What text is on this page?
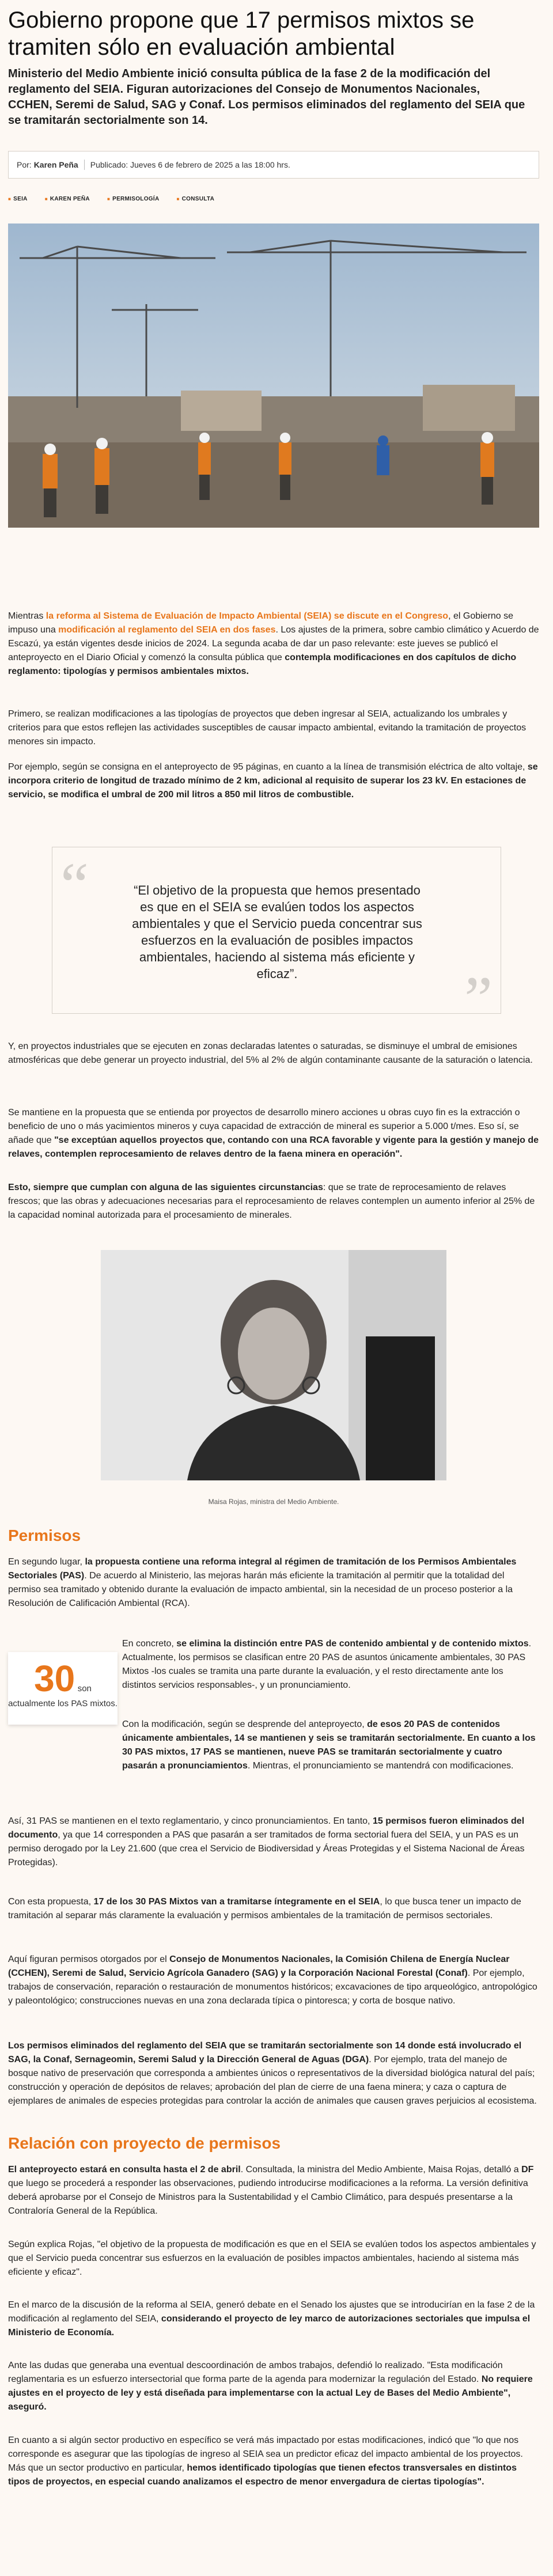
Gobierno propone que 17 permisos mixtos se tramiten sólo en evaluación ambiental

Ministerio del Medio Ambiente inició consulta pública de la fase 2 de la modificación del reglamento del SEIA. Figuran autorizaciones del Consejo de Monumentos Nacionales, CCHEN, Seremi de Salud, SAG y Conaf. Los permisos eliminados del reglamento del SEIA que se tramitarán sectorialmente son 14.

Por: Karen Peña Publicado: Jueves 6 de febrero de 2025 a las 18:00 hrs.
■ SEIA	■ KAREN PEÑA	■ PERMISOLOGÍA	■ CONSULTA

Mientras la reforma al Sistema de Evaluación de Impacto Ambiental (SEIA) se discute en el Congreso, el Gobierno se impuso una modificación al reglamento del SEIA en dos fases. Los ajustes de la primera, sobre cambio climático y Acuerdo de Escazú, ya están vigentes desde inicios de 2024. La segunda acaba de dar un paso relevante: este jueves se publicó el anteproyecto en el Diario Oficial y comenzó la consulta pública que contempla modificaciones en dos capítulos de dicho reglamento: tipologías y permisos ambientales mixtos.

Primero, se realizan modificaciones a las tipologías de proyectos que deben ingresar al SEIA, actualizando los umbrales y criterios para que estos reflejen las actividades susceptibles de causar impacto ambiental, evitando la tramitación de proyectos menores sin impacto.

Por ejemplo, según se consigna en el anteproyecto de 95 páginas, en cuanto a la línea de transmisión eléctrica de alto voltaje, se incorpora criterio de longitud de trazado mínimo de 2 km, adicional al requisito de superar los 23 kV. En estaciones de servicio, se modifica el umbral de 200 mil litros a 850 mil litros de combustible.

“	“El objetivo de la propuesta que hemos presentado es que en el SEIA se evalúen todos los aspectos ambientales y que el Servicio pueda concentrar sus esfuerzos en la evaluación de posibles impactos ambientales, haciendo al sistema más eficiente y eficaz”.	”

Y, en proyectos industriales que se ejecuten en zonas declaradas latentes o saturadas, se disminuye el umbral de emisiones atmosféricas que debe generar un proyecto industrial, del 5% al 2% de algún contaminante causante de la saturación o latencia.

Se mantiene en la propuesta que se entienda por proyectos de desarrollo minero acciones u obras cuyo fin es la extracción o beneficio de uno o más yacimientos mineros y cuya capacidad de extracción de mineral es superior a 5.000 t/mes. Eso sí, se añade que "se exceptúan aquellos proyectos que, contando con una RCA favorable y vigente para la gestión y manejo de relaves, contemplen reprocesamiento de relaves dentro de la faena minera en operación".

Esto, siempre que cumplan con alguna de las siguientes circunstancias: que se trate de reprocesamiento de relaves frescos; que las obras y adecuaciones necesarias para el reprocesamiento de relaves contemplen un aumento inferior al 25% de la capacidad nominal autorizada para el procesamiento de minerales.

Maisa Rojas, ministra del Medio Ambiente.

Permisos

En segundo lugar, la propuesta contiene una reforma integral al régimen de tramitación de los Permisos Ambientales Sectoriales (PAS). De acuerdo al Ministerio, las mejoras harán más eficiente la tramitación al permitir que la totalidad del permiso sea tramitado y obtenido durante la evaluación de impacto ambiental, sin la necesidad de un proceso posterior a la Resolución de Calificación Ambiental (RCA).

30 son
actualmente los PAS mixtos.

En concreto, se elimina la distinción entre PAS de contenido ambiental y de contenido mixtos. Actualmente, los permisos se clasifican entre 20 PAS de asuntos únicamente ambientales, 30 PAS Mixtos -los cuales se tramita una parte durante la evaluación, y el resto directamente ante los distintos servicios responsables-, y un pronunciamiento.

Con la modificación, según se desprende del anteproyecto, de esos 20 PAS de contenidos únicamente ambientales, 14 se mantienen y seis se tramitarán sectorialmente. En cuanto a los 30 PAS mixtos, 17 PAS se mantienen, nueve PAS se tramitarán sectorialmente y cuatro pasarán a pronunciamientos. Mientras, el pronunciamiento se mantendrá con modificaciones.

Así, 31 PAS se mantienen en el texto reglamentario, y cinco pronunciamientos. En tanto, 15 permisos fueron eliminados del documento, ya que 14 corresponden a PAS que pasarán a ser tramitados de forma sectorial fuera del SEIA, y un PAS es un permiso derogado por la Ley 21.600 (que crea el Servicio de Biodiversidad y Áreas Protegidas y el Sistema Nacional de Áreas Protegidas).

Con esta propuesta, 17 de los 30 PAS Mixtos van a tramitarse íntegramente en el SEIA, lo que busca tener un impacto de tramitación al separar más claramente la evaluación y permisos ambientales de la tramitación de permisos sectoriales.

Aquí figuran permisos otorgados por el Consejo de Monumentos Nacionales, la Comisión Chilena de Energía Nuclear (CCHEN), Seremi de Salud, Servicio Agrícola Ganadero (SAG) y la Corporación Nacional Forestal (Conaf). Por ejemplo, trabajos de conservación, reparación o restauración de monumentos históricos; excavaciones de tipo arqueológico, antropológico y paleontológico; construcciones nuevas en una zona declarada típica o pintoresca; y corta de bosque nativo.

Los permisos eliminados del reglamento del SEIA que se tramitarán sectorialmente son 14 donde está involucrado el SAG, la Conaf, Sernageomin, Seremi Salud y la Dirección General de Aguas (DGA). Por ejemplo, trata del manejo de bosque nativo de preservación que corresponda a ambientes únicos o representativos de la diversidad biológica natural del país; construcción y operación de depósitos de relaves; aprobación del plan de cierre de una faena minera; y caza o captura de ejemplares de animales de especies protegidas para controlar la acción de animales que causen graves perjuicios al ecosistema.

Relación con proyecto de permisos

El anteproyecto estará en consulta hasta el 2 de abril. Consultada, la ministra del Medio Ambiente, Maisa Rojas, detalló a DF que luego se procederá a responder las observaciones, pudiendo introducirse modificaciones a la reforma. La versión definitiva deberá aprobarse por el Consejo de Ministros para la Sustentabilidad y el Cambio Climático, para después presentarse a la Contraloría General de la República.

Según explica Rojas, "el objetivo de la propuesta de modificación es que en el SEIA se evalúen todos los aspectos ambientales y que el Servicio pueda concentrar sus esfuerzos en la evaluación de posibles impactos ambientales, haciendo al sistema más eficiente y eficaz".

En el marco de la discusión de la reforma al SEIA, generó debate en el Senado los ajustes que se introducirían en la fase 2 de la modificación al reglamento del SEIA, considerando el proyecto de ley marco de autorizaciones sectoriales que impulsa el Ministerio de Economía.

Ante las dudas que generaba una eventual descoordinación de ambos trabajos, defendió lo realizado. "Esta modificación reglamentaria es un esfuerzo intersectorial que forma parte de la agenda para modernizar la regulación del Estado. No requiere ajustes en el proyecto de ley y está diseñada para implementarse con la actual Ley de Bases del Medio Ambiente", aseguró.

En cuanto a si algún sector productivo en específico se verá más impactado por estas modificaciones, indicó que "lo que nos corresponde es asegurar que las tipologías de ingreso al SEIA sea un predictor eficaz del impacto ambiental de los proyectos. Más que un sector productivo en particular, hemos identificado tipologías que tienen efectos transversales en distintos tipos de proyectos, en especial cuando analizamos el espectro de menor envergadura de ciertas tipologías".
